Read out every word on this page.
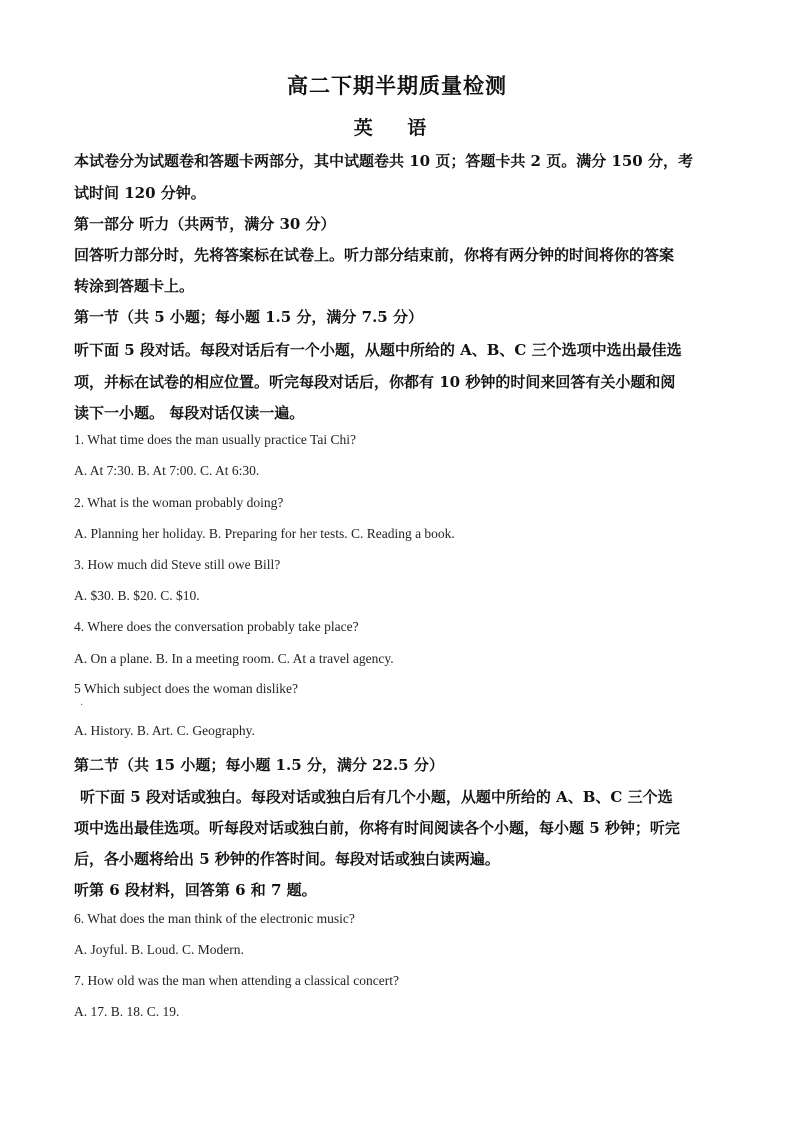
高二下期半期质量检测
英 语
本试卷分为试题卷和答题卡两部分，其中试题卷共 10 页；答题卡共 2 页。满分 150 分，考
试时间 120 分钟。
第一部分 听力（共两节，满分 30 分）
回答听力部分时，先将答案标在试卷上。听力部分结束前，你将有两分钟的时间将你的答案
转涂到答题卡上。
第一节（共 5 小题；每小题 1.5 分，满分 7.5 分）
听下面 5 段对话。每段对话后有一个小题，从题中所给的 A、B、C 三个选项中选出最佳选
项，并标在试卷的相应位置。听完每段对话后，你都有 10 秒钟的时间来回答有关小题和阅
读下一小题。 每段对话仅读一遍。
1. What time does the man usually practice Tai Chi?
A. At 7:30. B. At 7:00. C. At 6:30.
2. What is the woman probably doing?
A. Planning her holiday. B. Preparing for her tests. C. Reading a book.
3. How much did Steve still owe Bill?
A. $30. B. $20. C. $10.
4. Where does the conversation probably take place?
A. On a plane. B. In a meeting room. C. At a travel agency.
5 Which subject does the woman dislike?
·
A. History. B. Art. C. Geography.
第二节（共 15 小题；每小题 1.5 分，满分 22.5 分）
听下面 5 段对话或独白。每段对话或独白后有几个小题，从题中所给的 A、B、C 三个选
项中选出最佳选项。听每段对话或独白前，你将有时间阅读各个小题，每小题 5 秒钟；听完
后，各小题将给出 5 秒钟的作答时间。每段对话或独白读两遍。
听第 6 段材料，回答第 6 和 7 题。
6. What does the man think of the electronic music?
A. Joyful. B. Loud. C. Modern.
7. How old was the man when attending a classical concert?
A. 17. B. 18. C. 19.
